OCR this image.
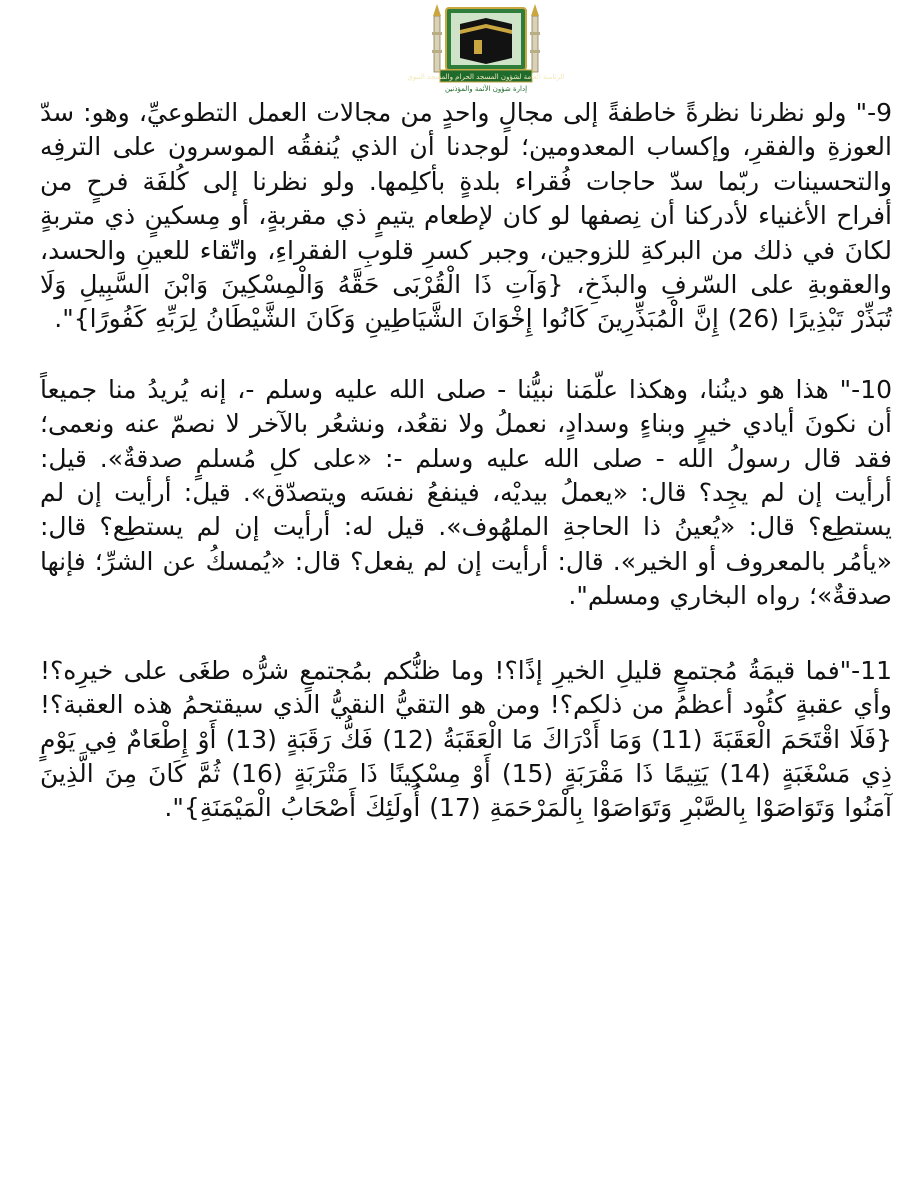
الرئاسة العامة لشؤون المسجد الحرام والمسجد النبوي
إدارة شؤون الأئمة والمؤذنين

9-" ولو نظرنا نظرةً خاطفةً إلى مجالٍ واحدٍ من مجالات العمل التطوعيِّ، وهو: سدّ العوزةِ والفقرِ، وإكساب المعدومين؛ لوجدنا أن الذي يُنفقُه الموسرون على الترفِه والتحسينات ربّما سدّ حاجات فُقراء بلدةٍ بأكلِمها. ولو نظرنا إلى كُلفَة فرحٍ من أفراح الأغنياء لأدركنا أن نِصفها لو كان لإطعام يتيمٍ ذي مقربةٍ، أو مِسكينٍ ذي متربةٍ لكانَ في ذلك من البركةِ للزوجين، وجبر كسرِ قلوبِ الفقراءِ، واتّقاء للعينِ والحسد، والعقوبةِ على السّرفِ والبذَخِ، {وَآتِ ذَا الْقُرْبَى حَقَّهُ وَالْمِسْكِينَ وَابْنَ السَّبِيلِ وَلَا تُبَذِّرْ تَبْذِيرًا (26) إِنَّ الْمُبَذِّرِينَ كَانُوا إِخْوَانَ الشَّيَاطِينِ وَكَانَ الشَّيْطَانُ لِرَبِّهِ كَفُورًا}".

10-" هذا هو دينُنا، وهكذا علّمَنا نبيُّنا - صلى الله عليه وسلم -، إنه يُريدُ منا جميعاً أن نكونَ أيادي خيرٍ وبناءٍ وسدادٍ، نعملُ ولا نقعُد، ونشعُر بالآخر لا نصمّ عنه ونعمى؛ فقد قال رسولُ الله - صلى الله عليه وسلم -: «على كلِ مُسلمٍ صدقةٌ». قيل: أرأيت إن لم يجِد؟ قال: «يعملُ بيديْه، فينفعُ نفسَه ويتصدّق». قيل: أرأيت إن لم يستطِع؟ قال: «يُعينُ ذا الحاجةِ الملهُوف». قيل له: أرأيت إن لم يستطِع؟ قال: «يأمُر بالمعروف أو الخير». قال: أرأيت إن لم يفعل؟ قال: «يُمسكُ عن الشرِّ؛ فإنها صدقةٌ»؛ رواه البخاري ومسلم".

11-"فما قيمَةُ مُجتمعٍ قليلِ الخيرِ إذًا؟! وما ظنُّكم بمُجتمعٍ شرُّه طغَى على خيرِه؟! وأي عقبةٍ كئُود أعظمُ من ذلكم؟! ومن هو التقيُّ النقيُّ الذي سيقتحمُ هذه العقبة؟! {فَلَا اقْتَحَمَ الْعَقَبَةَ (11) وَمَا أَدْرَاكَ مَا الْعَقَبَةُ (12) فَكُّ رَقَبَةٍ (13) أَوْ إِطْعَامٌ فِي يَوْمٍ ذِي مَسْغَبَةٍ (14) يَتِيمًا ذَا مَقْرَبَةٍ (15) أَوْ مِسْكِينًا ذَا مَتْرَبَةٍ (16) ثُمَّ كَانَ مِنَ الَّذِينَ آمَنُوا وَتَوَاصَوْا بِالصَّبْرِ وَتَوَاصَوْا بِالْمَرْحَمَةِ (17) أُولَئِكَ أَصْحَابُ الْمَيْمَنَةِ}".
